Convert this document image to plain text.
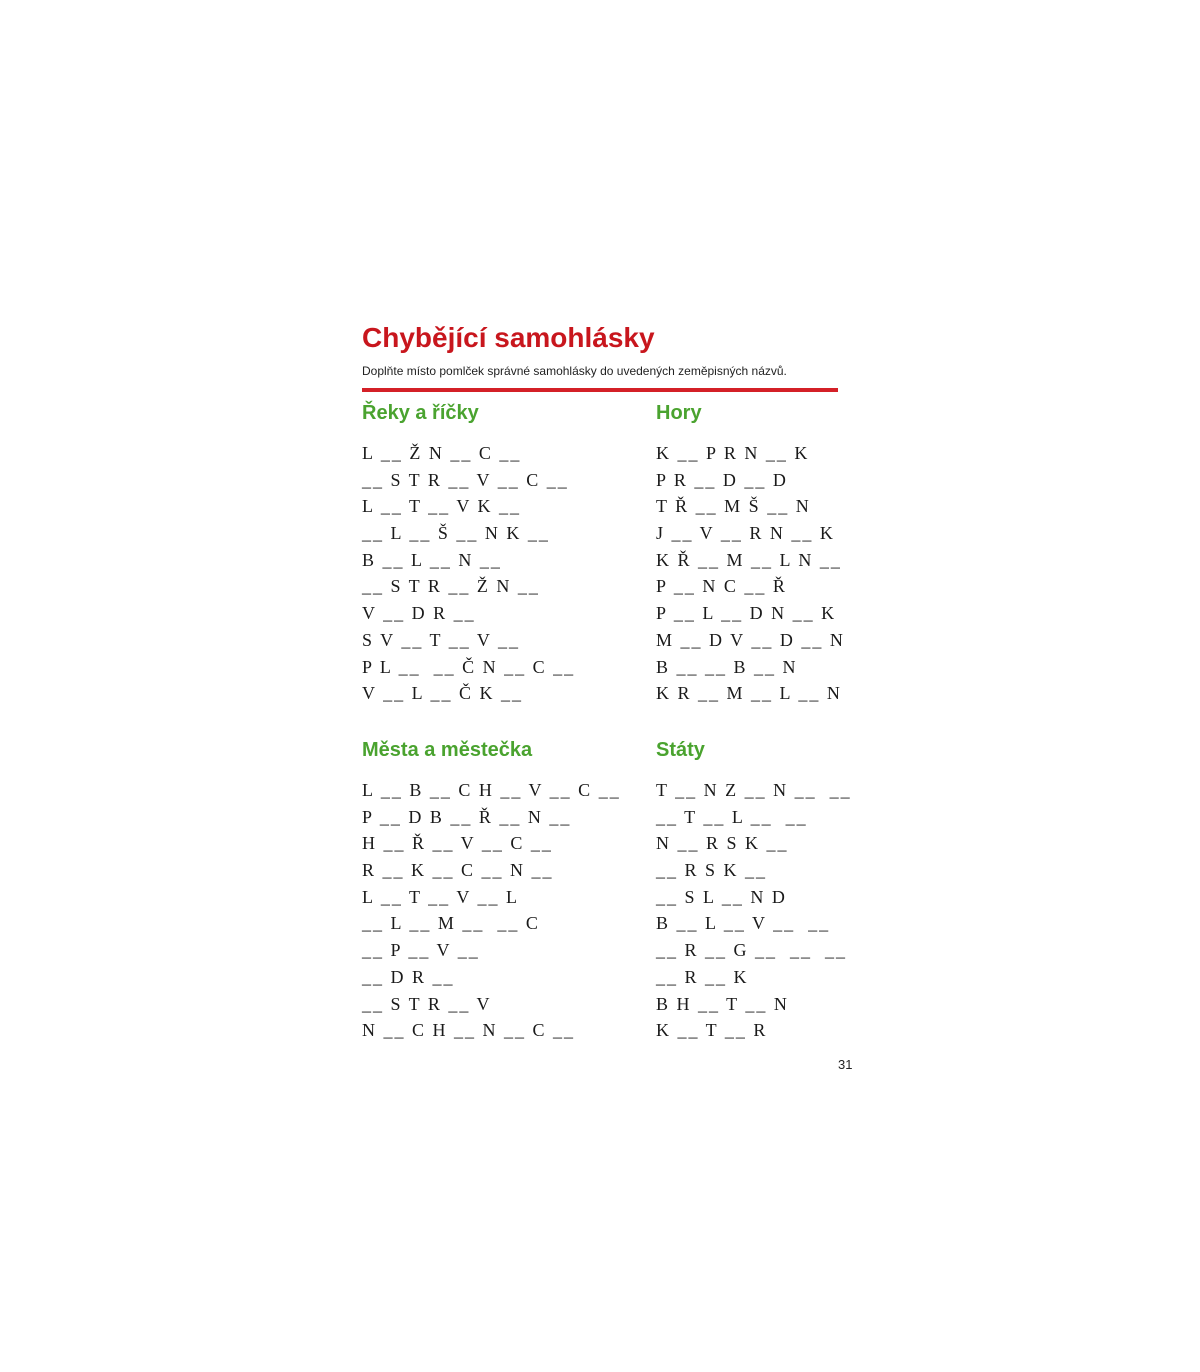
Chybějící samohlásky

Doplňte místo pomlček správné samohlásky do uvedených zeměpisných názvů.

Řeky a říčky
L __ Ž N __ C __
__ S T R __ V __ C __
L __ T __ V K __
__ L __ Š __ N K __
B __ L __ N __
__ S T R __ Ž N __
V __ D R __
S V __ T __ V __
P L __  __ Č N __ C __
V __ L __ Č K __
Hory
K __ P R N __ K
P R __ D __ D
T Ř __ M Š __ N
J __ V __ R N __ K
K Ř __ M __ L N __
P __ N C __ Ř
P __ L __ D N __ K
M __ D V __ D __ N
B __ __ B __ N
K R __ M __ L __ N
Města a městečka
L __ B __ C H __ V __ C __
P __ D B __ Ř __ N __
H __ Ř __ V __ C __
R __ K __ C __ N __
L __ T __ V __ L
__ L __ M __  __ C
__ P __ V __
__ D R __
__ S T R __ V
N __ C H __ N __ C __
Státy
T __ N Z __ N __  __
__ T __ L __  __
N __ R S K __
__ R S K __
__ S L __ N D
B __ L __ V __  __
__ R __ G __  __  __
__ R __ K
B H __ T __ N
K __ T __ R
31
